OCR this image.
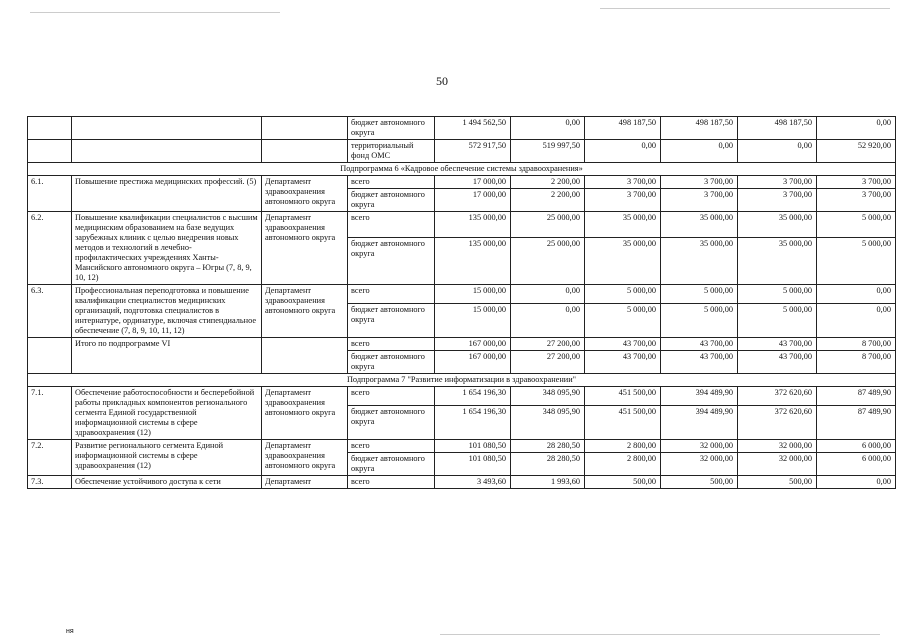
50
			бюджет автономного округа	1 494 562,50	0,00	498 187,50	498 187,50	498 187,50	0,00
			территориальный фонд ОМС	572 917,50	519 997,50	0,00	0,00	0,00	52 920,00
Подпрограмма 6 «Кадровое обеспечение системы здравоохранения»									
6.1.	Повышение престижа медицинских профессий. (5)	Департамент здравоохранения автономного округа	всего	17 000,00	2 200,00	3 700,00	3 700,00	3 700,00	3 700,00
			бюджет автономного округа	17 000,00	2 200,00	3 700,00	3 700,00	3 700,00	3 700,00
6.2.	Повышение квалификации специалистов с высшим медицинским образованием на базе ведущих зарубежных клиник с целью внедрения новых методов и технологий в лечебно-профилактических учреждениях Ханты-Мансийского автономного округа – Югры (7, 8, 9, 10, 12)	Департамент здравоохранения автономного округа	всего	135 000,00	25 000,00	35 000,00	35 000,00	35 000,00	5 000,00
			бюджет автономного округа	135 000,00	25 000,00	35 000,00	35 000,00	35 000,00	5 000,00
6.3.	Профессиональная переподготовка и повышение квалификации специалистов медицинских организаций, подготовка специалистов в интернатуре, ординатуре, включая стипендиальное обеспечение (7, 8, 9, 10, 11, 12)	Департамент здравоохранения автономного округа	всего	15 000,00	0,00	5 000,00	5 000,00	5 000,00	0,00
			бюджет автономного округа	15 000,00	0,00	5 000,00	5 000,00	5 000,00	0,00
	Итого по подпрограмме VI		всего	167 000,00	27 200,00	43 700,00	43 700,00	43 700,00	8 700,00
			бюджет автономного округа	167 000,00	27 200,00	43 700,00	43 700,00	43 700,00	8 700,00
Подпрограмма 7 "Развитие информатизации в здравоохранении"									
7.1.	Обеспечение работоспособности и бесперебойной работы прикладных компонентов регионального сегмента Единой государственной информационной системы в сфере здравоохранения (12)	Департамент здравоохранения автономного округа	всего	1 654 196,30	348 095,90	451 500,00	394 489,90	372 620,60	87 489,90
			бюджет автономного округа	1 654 196,30	348 095,90	451 500,00	394 489,90	372 620,60	87 489,90
7.2.	Развитие регионального сегмента Единой информационной системы в сфере здравоохранения (12)	Департамент здравоохранения автономного округа	всего	101 080,50	28 280,50	2 800,00	32 000,00	32 000,00	6 000,00
			бюджет автономного округа	101 080,50	28 280,50	2 800,00	32 000,00	32 000,00	6 000,00
7.3.	Обеспечение устойчивого доступа к сети	Департамент	всего	3 493,60	1 993,60	500,00	500,00	500,00	0,00
ня
